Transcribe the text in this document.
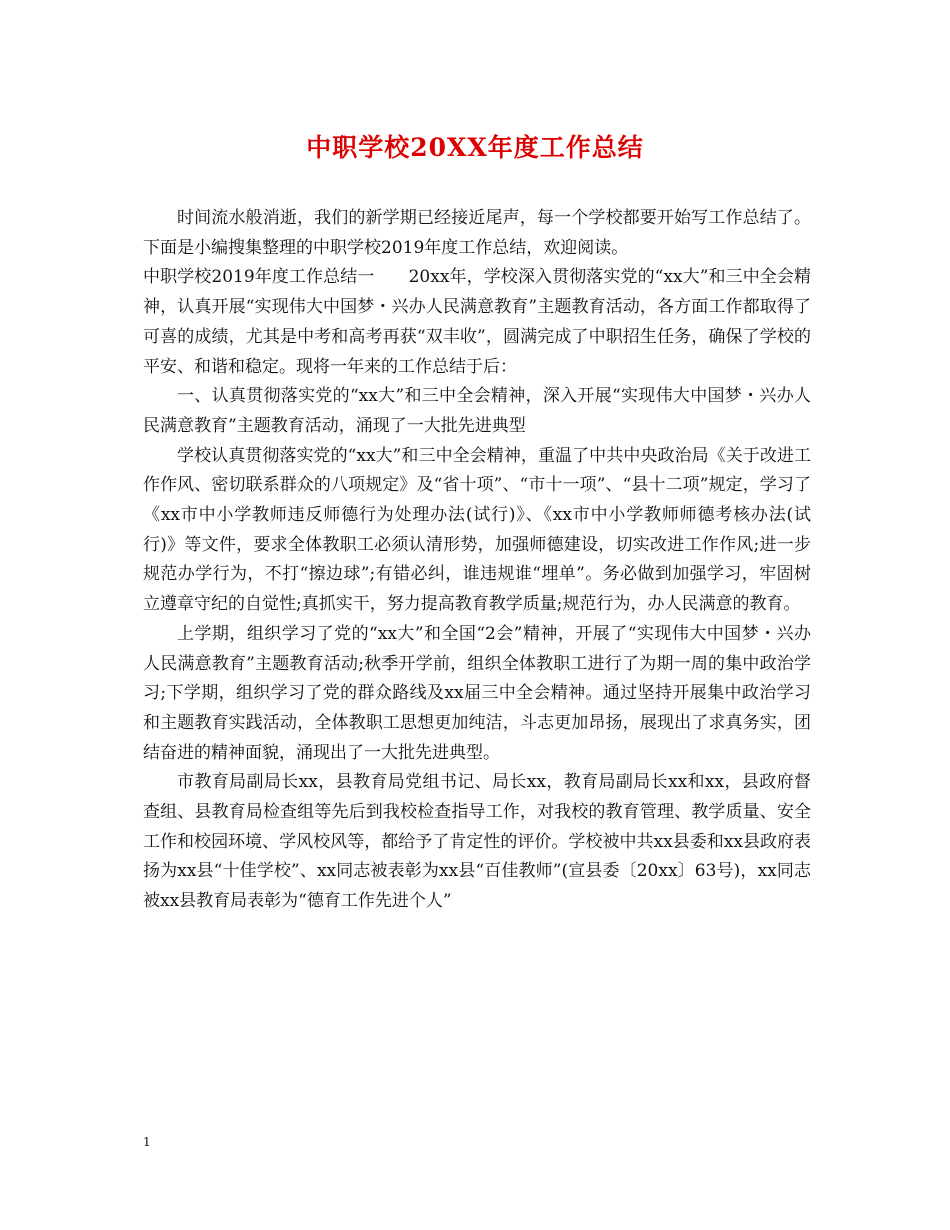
中职学校20XX年度工作总结

时间流水般消逝，我们的新学期已经接近尾声，每一个学校都要开始写工作总结了。下面是小编搜集整理的中职学校2019年度工作总结，欢迎阅读。

中职学校2019年度工作总结一　　20xx年，学校深入贯彻落实党的“xx大”和三中全会精神，认真开展“实现伟大中国梦・兴办人民满意教育”主题教育活动，各方面工作都取得了可喜的成绩，尤其是中考和高考再获“双丰收”，圆满完成了中职招生任务，确保了学校的平安、和谐和稳定。现将一年来的工作总结于后：

一、认真贯彻落实党的“xx大”和三中全会精神，深入开展“实现伟大中国梦・兴办人民满意教育”主题教育活动，涌现了一大批先进典型

学校认真贯彻落实党的“xx大”和三中全会精神，重温了中共中央政治局《关于改进工作作风、密切联系群众的八项规定》及“省十项”、“市十一项”、“县十二项”规定，学习了《xx市中小学教师违反师德行为处理办法(试行)》、《xx市中小学教师师德考核办法(试行)》等文件，要求全体教职工必须认清形势，加强师德建设，切实改进工作作风;进一步规范办学行为，不打“擦边球”;有错必纠，谁违规谁“埋单”。务必做到加强学习，牢固树立遵章守纪的自觉性;真抓实干，努力提高教育教学质量;规范行为，办人民满意的教育。

上学期，组织学习了党的“xx大”和全国“2会”精神，开展了“实现伟大中国梦・兴办人民满意教育”主题教育活动;秋季开学前，组织全体教职工进行了为期一周的集中政治学习;下学期，组织学习了党的群众路线及xx届三中全会精神。通过坚持开展集中政治学习和主题教育实践活动，全体教职工思想更加纯洁，斗志更加昂扬，展现出了求真务实，团结奋进的精神面貌，涌现出了一大批先进典型。

市教育局副局长xx，县教育局党组书记、局长xx，教育局副局长xx和xx，县政府督查组、县教育局检查组等先后到我校检查指导工作，对我校的教育管理、教学质量、安全工作和校园环境、学风校风等，都给予了肯定性的评价。学校被中共xx县委和xx县政府表扬为xx县“十佳学校”、xx同志被表彰为xx县“百佳教师”(宣县委〔20xx〕63号)，xx同志被xx县教育局表彰为“德育工作先进个人”

1
